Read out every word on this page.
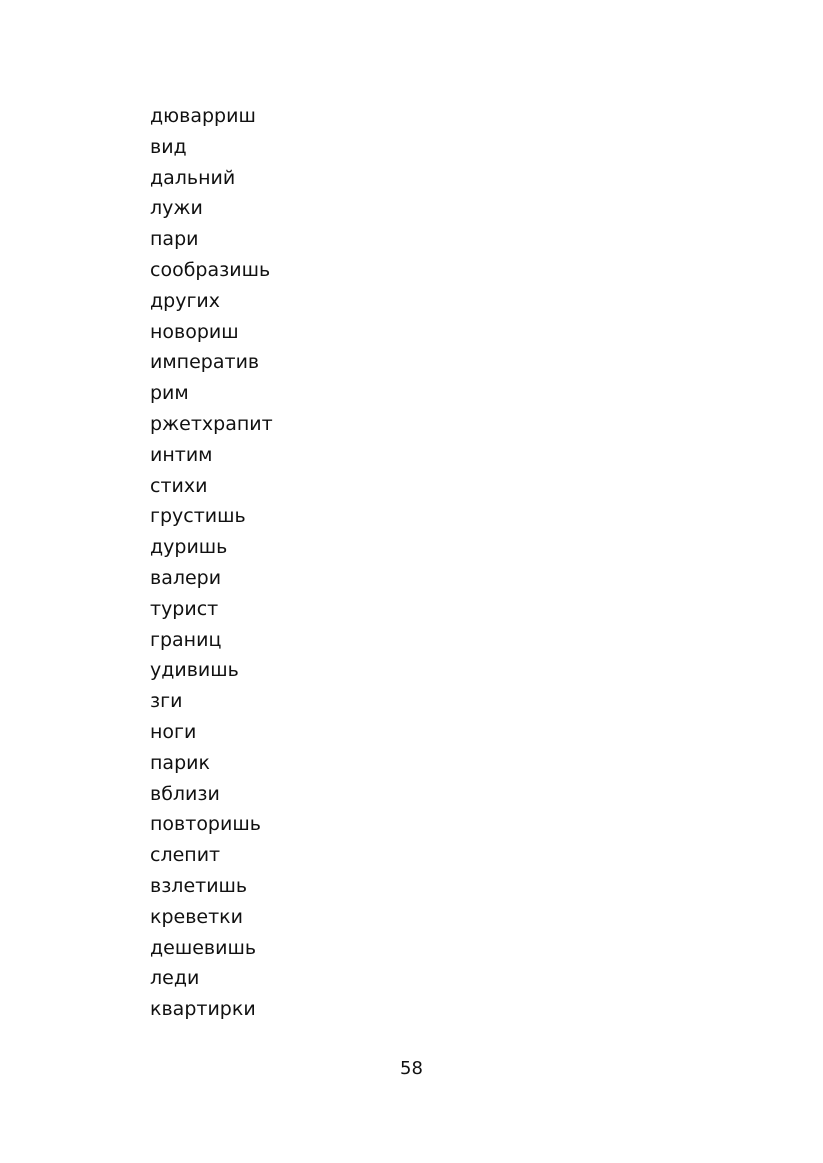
дюварриш
вид
дальний
лужи
пари
сообразишь
других
новориш
императив
рим
ржетхрапит
интим
стихи
грустишь
дуришь
валери
турист
границ
удивишь
зги
ноги
парик
вблизи
повторишь
слепит
взлетишь
креветки
дешевишь
леди
квартирки
58
